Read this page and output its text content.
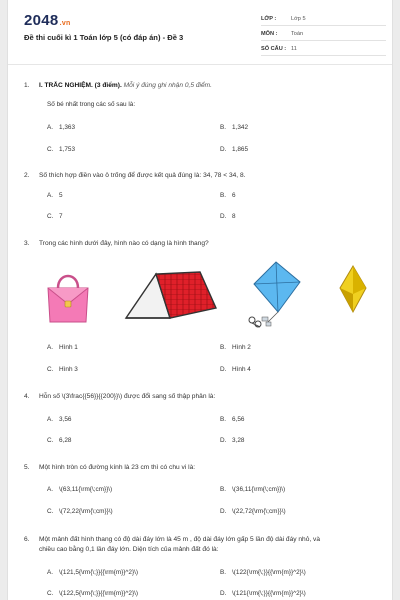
2048.vn
Đề thi cuối kì 1 Toán lớp 5 (có đáp án) - Đề 3
LỚP :	Lớp 5
MÔN : Toán
SỐ CÂU : 11
1.	I. TRẮC NGHIỆM. (3 điểm). Mỗi ý đúng ghi nhận 0,5 điểm.
Số bé nhất trong các số sau là:
A. 1,363	B. 1,342
C. 1,753	D. 1,865
2.	Số thích hợp điền vào ô trống để được kết quả đúng là: 34, 78 < 34, 8.
A. 5	B. 6
C. 7	D. 8
3.	Trong các hình dưới đây, hình nào có dạng là hình thang?
A. Hình 1	B. Hình 2
C. Hình 3	D. Hình 4
4.	Hỗn số \(3\frac{{56}}{{200}}\) được đổi sang số thập phân là:
A. 3,56	B. 6,56
C. 6,28	D. 3,28
5.	Một hình tròn có đường kính là 23 cm thì có chu vi là:
A. \(63,11{\rm{\;cm}}\)	B. \(36,11{\rm{\;cm}}\)
C. \(72,22{\rm{\;cm}}\)	D. \(22,72{\rm{\;cm}}\)
6.	Một mảnh đất hình thang có độ dài đáy lớn là 45 m , độ dài đáy lớn gấp 5 lần độ dài đáy nhỏ, và
chiều cao bằng 0,1 lần đáy lớn. Diện tích của mảnh đất đó là:
A. \(121,5{\rm{\;}}{{\rm{m}}^2}\)	B. \(122{\rm{\;}}{{\rm{m}}^2}\)
C. \(122,5{\rm{\;}}{{\rm{m}}^2}\)	D. \(121{\rm{\;}}{{\rm{m}}^2}\)
